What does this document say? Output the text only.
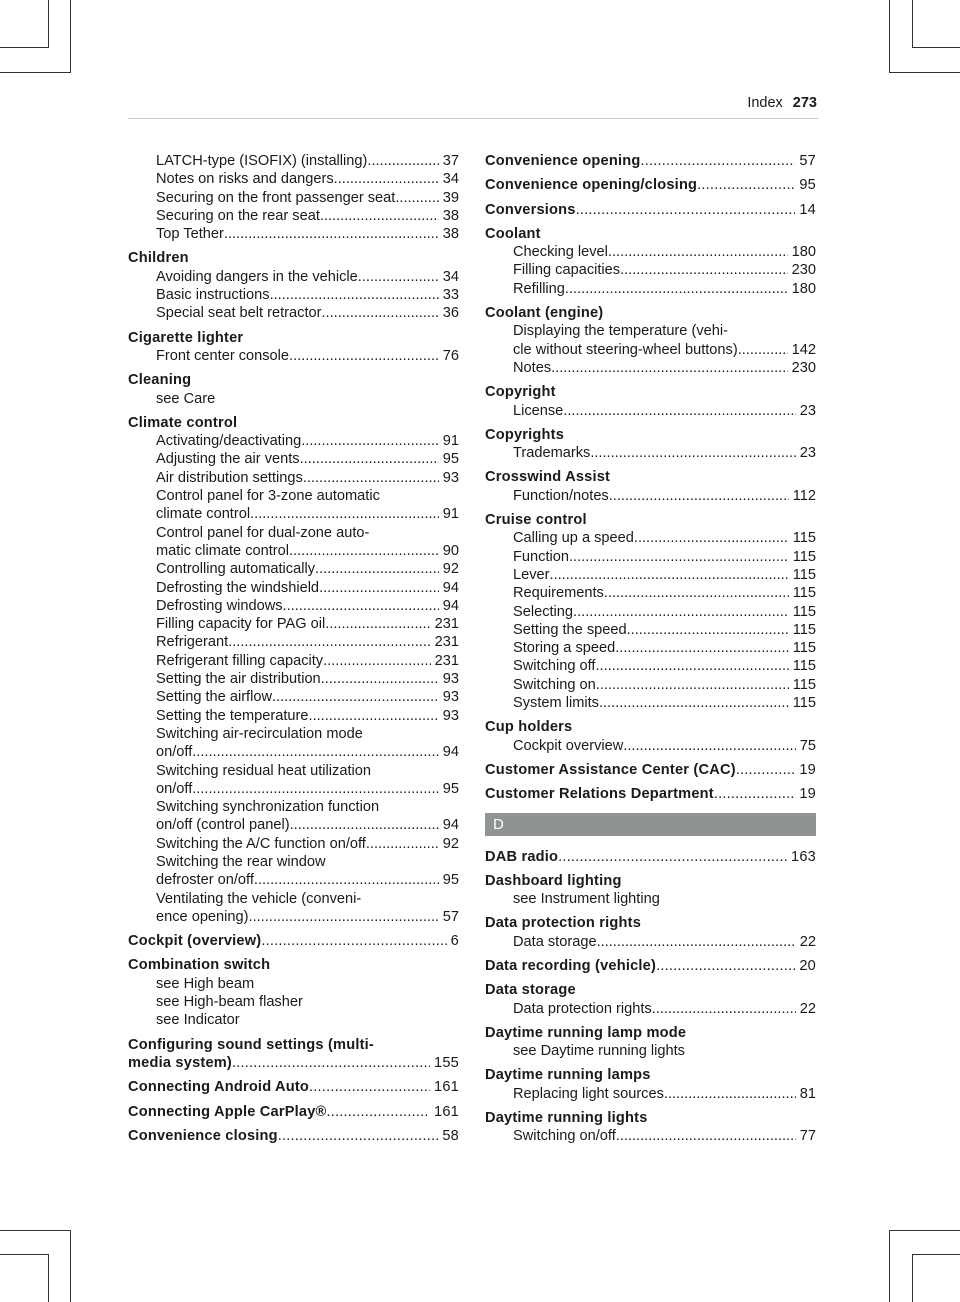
Index 273
LATCH-type (ISOFIX) (installing) .....	37
Notes on risks and dangers .....	34
Securing on the front passenger seat .....	39
Securing on the rear seat .....	38
Top Tether .....	38
Children
Avoiding dangers in the vehicle .....	34
Basic instructions .....	33
Special seat belt retractor .....	36
Cigarette lighter
Front center console .....	76
Cleaning
see Care
Climate control
Activating/deactivating .....	91
Adjusting the air vents .....	95
Air distribution settings .....	93
Control panel for 3-zone automatic
climate control .....	91
Control panel for dual-zone auto-
matic climate control .....	90
Controlling automatically .....	92
Defrosting the windshield .....	94
Defrosting windows .....	94
Filling capacity for PAG oil .....	231
Refrigerant .....	231
Refrigerant filling capacity .....	231
Setting the air distribution .....	93
Setting the airflow .....	93
Setting the temperature .....	93
Switching air-recirculation mode
on/off .....	94
Switching residual heat utilization
on/off .....	95
Switching synchronization function
on/off (control panel) .....	94
Switching the A/C function on/off .....	92
Switching the rear window
defroster on/off .....	95
Ventilating the vehicle (conveni-
ence opening) .....	57
Cockpit (overview) .....	6
Combination switch
see High beam
see High-beam flasher
see Indicator
Configuring sound settings (multi-
media system) .....	155
Connecting Android Auto .....	161
Connecting Apple CarPlay® .....	161
Convenience closing .....	58
Convenience opening .....	57
Convenience opening/closing .....	95
Conversions .....	14
Coolant
Checking level .....	180
Filling capacities .....	230
Refilling .....	180
Coolant (engine)
Displaying the temperature (vehi-
cle without steering-wheel buttons) .....	142
Notes .....	230
Copyright
License .....	23
Copyrights
Trademarks .....	23
Crosswind Assist
Function/notes .....	112
Cruise control
Calling up a speed .....	115
Function .....	115
Lever .....	115
Requirements .....	115
Selecting .....	115
Setting the speed .....	115
Storing a speed .....	115
Switching off .....	115
Switching on .....	115
System limits .....	115
Cup holders
Cockpit overview .....	75
Customer Assistance Center (CAC) .....	19
Customer Relations Department .....	19
D
DAB radio .....	163
Dashboard lighting
see Instrument lighting
Data protection rights
Data storage .....	22
Data recording (vehicle) .....	20
Data storage
Data protection rights .....	22
Daytime running lamp mode
see Daytime running lights
Daytime running lamps
Replacing light sources .....	81
Daytime running lights
Switching on/off .....	77
